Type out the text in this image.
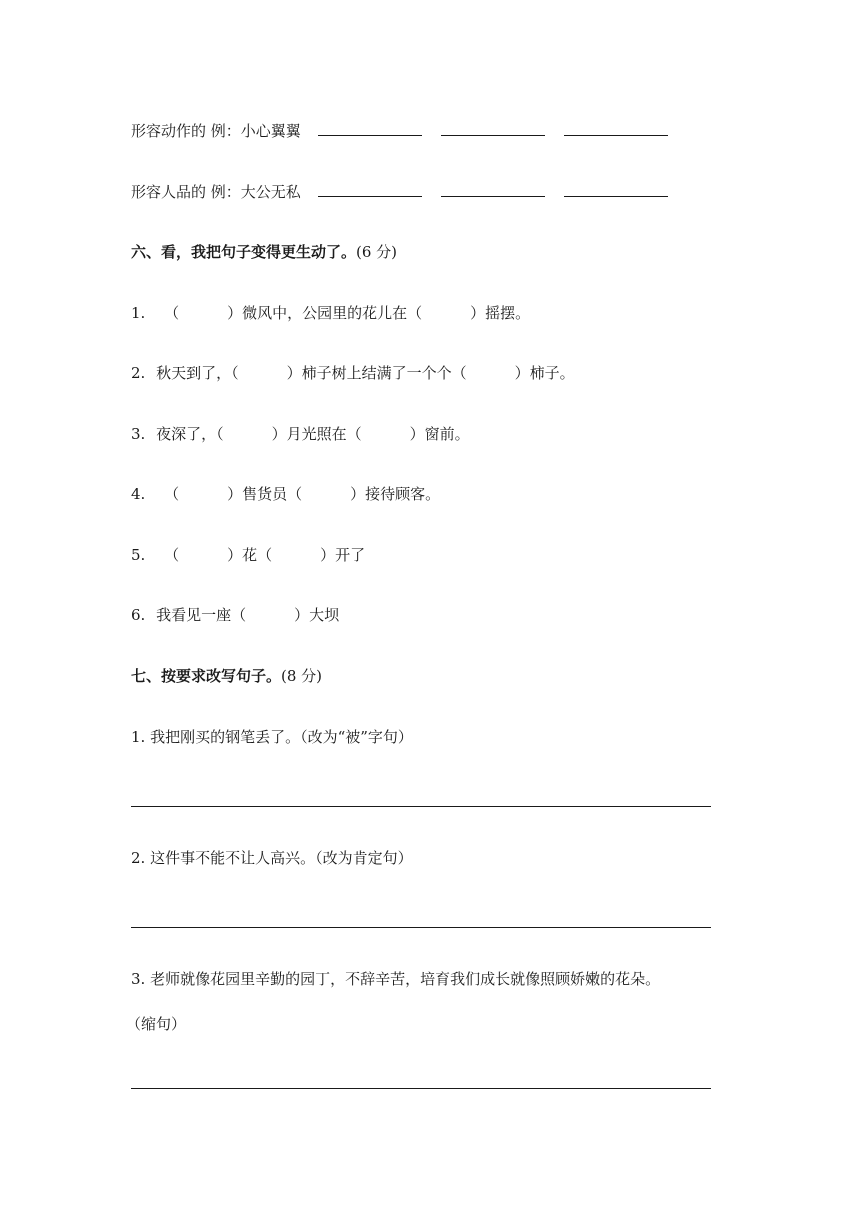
形容动作的 例：小心翼翼
形容人品的 例：大公无私
六、看，我把句子变得更生动了。(6 分)
1. （	）微风中，公园里的花儿在（	）摇摆。
2. 秋天到了，（	）柿子树上结满了一个个（	）柿子。
3. 夜深了，（	）月光照在（	）窗前。
4. （	）售货员（	）接待顾客。
5. （	）花（	）开了
6. 我看见一座（	）大坝
七、按要求改写句子。(8 分)
1. 我把刚买的钢笔丢了。（改为“被”字句）
2. 这件事不能不让人高兴。（改为肯定句）
3. 老师就像花园里辛勤的园丁，不辞辛苦，培育我们成长就像照顾娇嫩的花朵。
（缩句）
